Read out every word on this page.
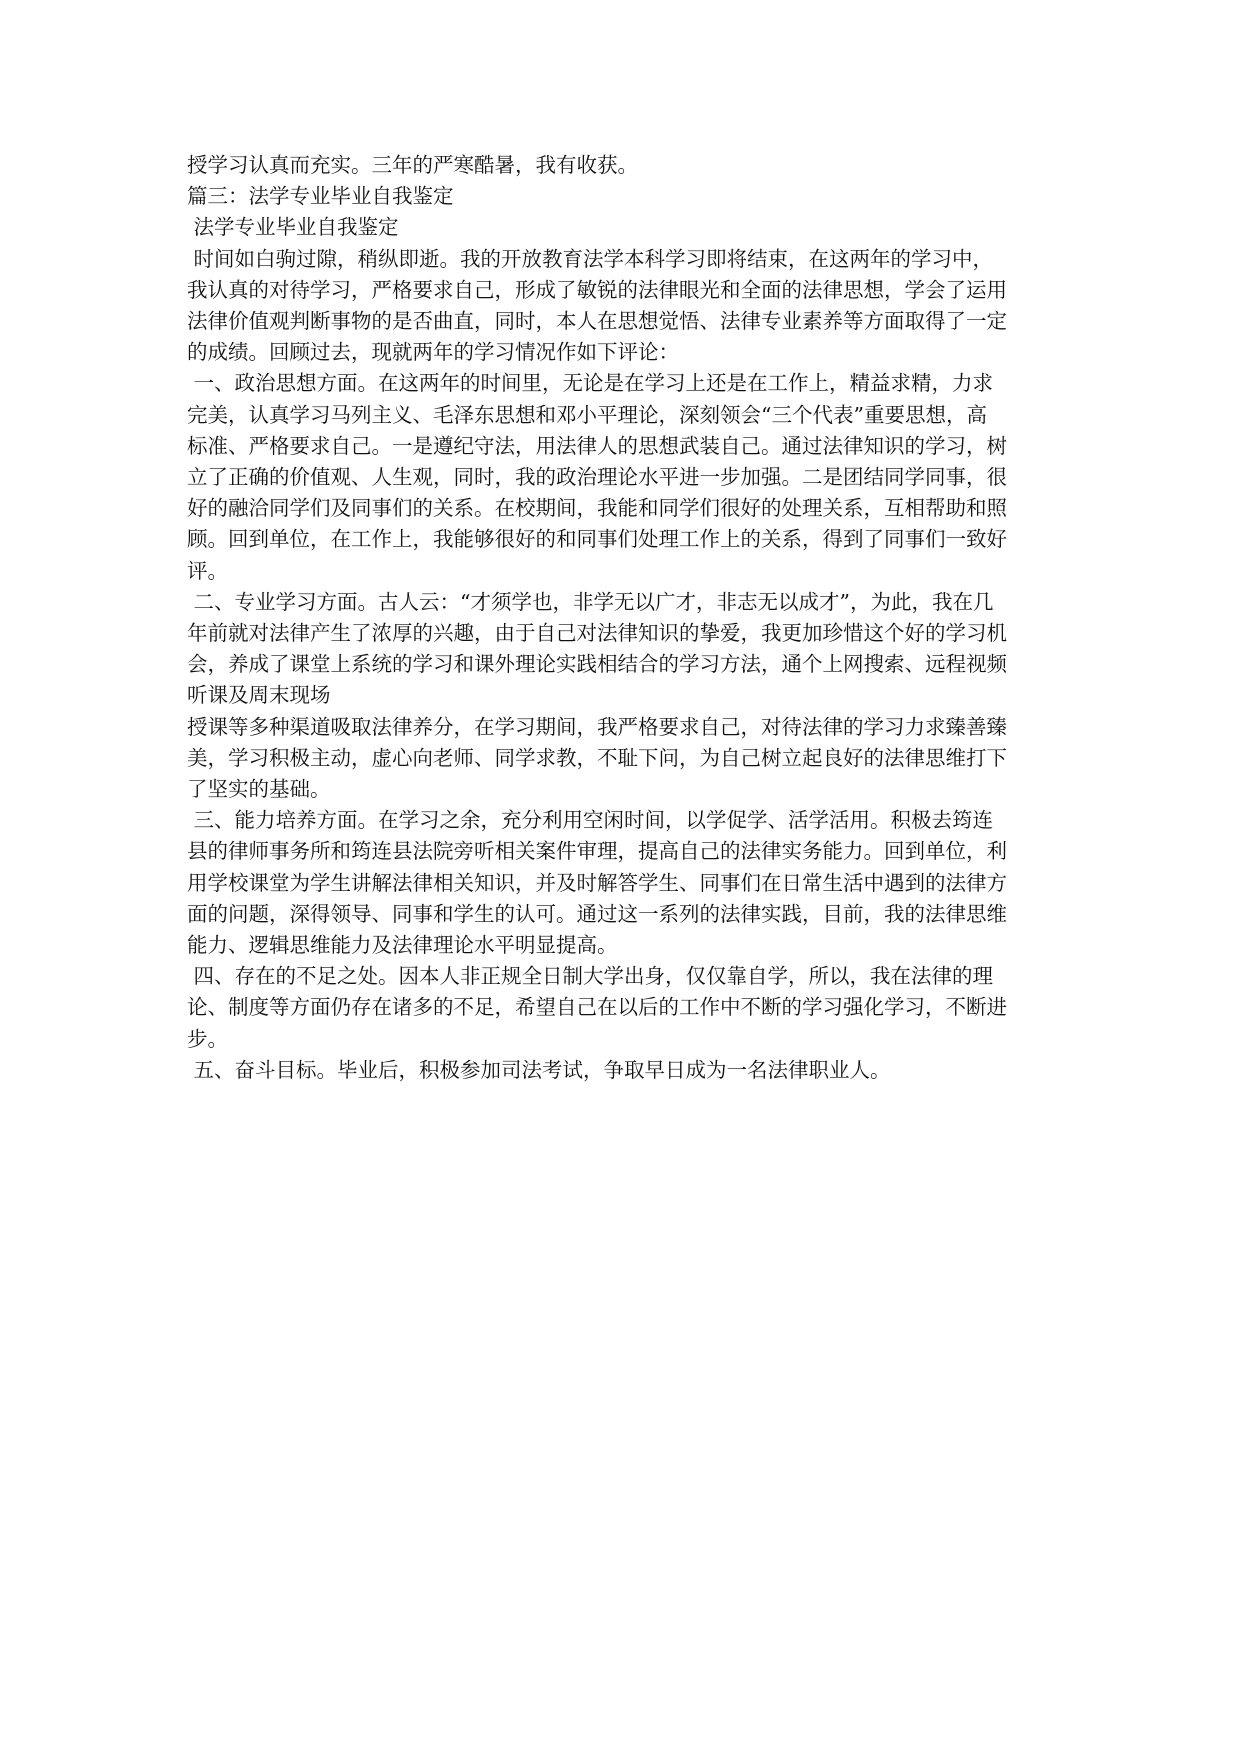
授学习认真而充实。三年的严寒酷暑，我有收获。

篇三：法学专业毕业自我鉴定

法学专业毕业自我鉴定

时间如白驹过隙，稍纵即逝。我的开放教育法学本科学习即将结束，在这两年的学习中，

我认真的对待学习，严格要求自己，形成了敏锐的法律眼光和全面的法律思想，学会了运用

法律价值观判断事物的是否曲直，同时，本人在思想觉悟、法律专业素养等方面取得了一定

的成绩。回顾过去，现就两年的学习情况作如下评论：

一、政治思想方面。在这两年的时间里，无论是在学习上还是在工作上，精益求精，力求

完美，认真学习马列主义、毛泽东思想和邓小平理论，深刻领会“三个代表”重要思想，高

标准、严格要求自己。一是遵纪守法，用法律人的思想武装自己。通过法律知识的学习，树

立了正确的价值观、人生观，同时，我的政治理论水平进一步加强。二是团结同学同事，很

好的融洽同学们及同事们的关系。在校期间，我能和同学们很好的处理关系，互相帮助和照

顾。回到单位，在工作上，我能够很好的和同事们处理工作上的关系，得到了同事们一致好

评。

二、专业学习方面。古人云：“才须学也，非学无以广才，非志无以成才”，为此，我在几

年前就对法律产生了浓厚的兴趣，由于自己对法律知识的挚爱，我更加珍惜这个好的学习机

会，养成了课堂上系统的学习和课外理论实践相结合的学习方法，通个上网搜索、远程视频

听课及周末现场

授课等多种渠道吸取法律养分，在学习期间，我严格要求自己，对待法律的学习力求臻善臻

美，学习积极主动，虚心向老师、同学求教，不耻下问，为自己树立起良好的法律思维打下

了坚实的基础。

三、能力培养方面。在学习之余，充分利用空闲时间，以学促学、活学活用。积极去筠连

县的律师事务所和筠连县法院旁听相关案件审理，提高自己的法律实务能力。回到单位，利

用学校课堂为学生讲解法律相关知识，并及时解答学生、同事们在日常生活中遇到的法律方

面的问题，深得领导、同事和学生的认可。通过这一系列的法律实践，目前，我的法律思维

能力、逻辑思维能力及法律理论水平明显提高。

四、存在的不足之处。因本人非正规全日制大学出身，仅仅靠自学，所以，我在法律的理

论、制度等方面仍存在诸多的不足，希望自己在以后的工作中不断的学习强化学习，不断进

步。

五、奋斗目标。毕业后，积极参加司法考试，争取早日成为一名法律职业人。
